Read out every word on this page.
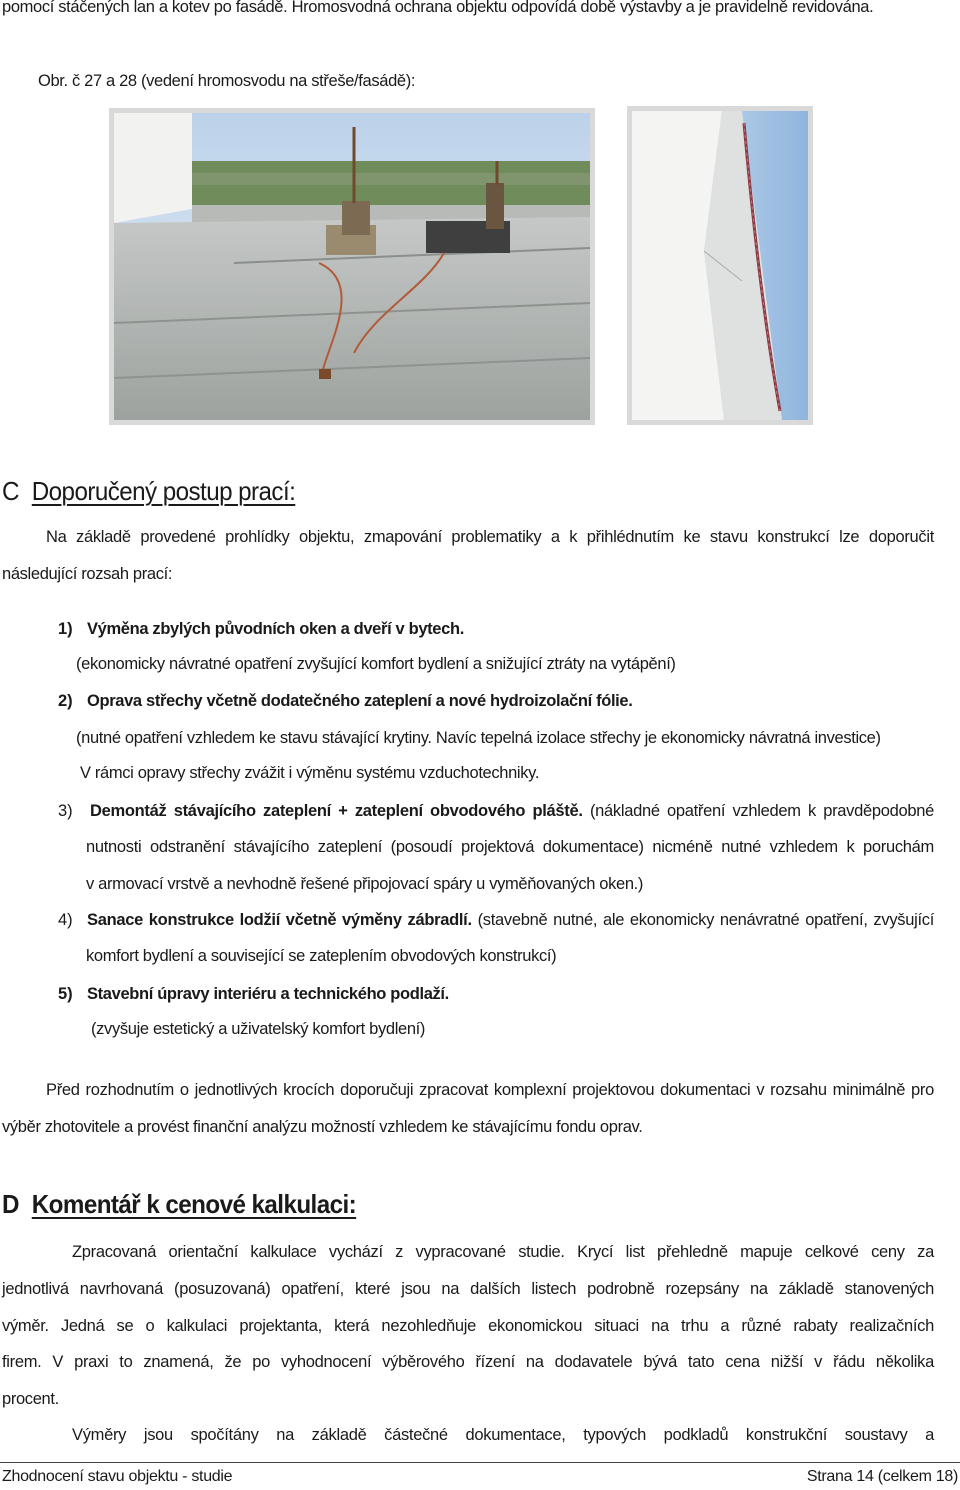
pomocí stáčených lan a kotev po fasádě. Hromosvodná ochrana objektu odpovídá době výstavby a je pravidelně revidována.
Obr. č 27 a 28 (vedení hromosvodu na střeše/fasádě):
C Doporučený postup prací:
Na základě provedené prohlídky objektu, zmapování problematiky a k přihlédnutím ke stavu konstrukcí lze doporučit
následující rozsah prací:
1) Výměna zbylých původních oken a dveří v bytech.
(ekonomicky návratné opatření zvyšující komfort bydlení a snižující ztráty na vytápění)
2) Oprava střechy včetně dodatečného zateplení a nové hydroizolační fólie.
(nutné opatření vzhledem ke stavu stávající krytiny. Navíc tepelná izolace střechy je ekonomicky návratná investice)
V rámci opravy střechy zvážit i výměnu systému vzduchotechniky.
3) Demontáž stávajícího zateplení + zateplení obvodového pláště. (nákladné opatření vzhledem k pravděpodobné
nutnosti odstranění stávajícího zateplení (posoudí projektová dokumentace) nicméně nutné vzhledem k poruchám
v armovací vrstvě a nevhodně řešené připojovací spáry u vyměňovaných oken.)
4) Sanace konstrukce lodžií včetně výměny zábradlí. (stavebně nutné, ale ekonomicky nenávratné opatření, zvyšující
komfort bydlení a související se zateplením obvodových konstrukcí)
5) Stavební úpravy interiéru a technického podlaží.
(zvyšuje estetický a uživatelský komfort bydlení)
Před rozhodnutím o jednotlivých krocích doporučuji zpracovat komplexní projektovou dokumentaci v rozsahu minimálně pro
výběr zhotovitele a provést finanční analýzu možností vzhledem ke stávajícímu fondu oprav.
D Komentář k cenové kalkulaci:
Zpracovaná orientační kalkulace vychází z vypracované studie. Krycí list přehledně mapuje celkové ceny za
jednotlivá navrhovaná (posuzovaná) opatření, které jsou na dalších listech podrobně rozepsány na základě stanovených
výměr. Jedná se o kalkulaci projektanta, která nezohledňuje ekonomickou situaci na trhu a různé rabaty realizačních
firem. V praxi to znamená, že po vyhodnocení výběrového řízení na dodavatele bývá tato cena nižší v řádu několika
procent.
Výměry jsou spočítány na základě částečné dokumentace, typových podkladů konstrukční soustavy a
Zhodnocení stavu objektu - studie	Strana 14 (celkem 18)
